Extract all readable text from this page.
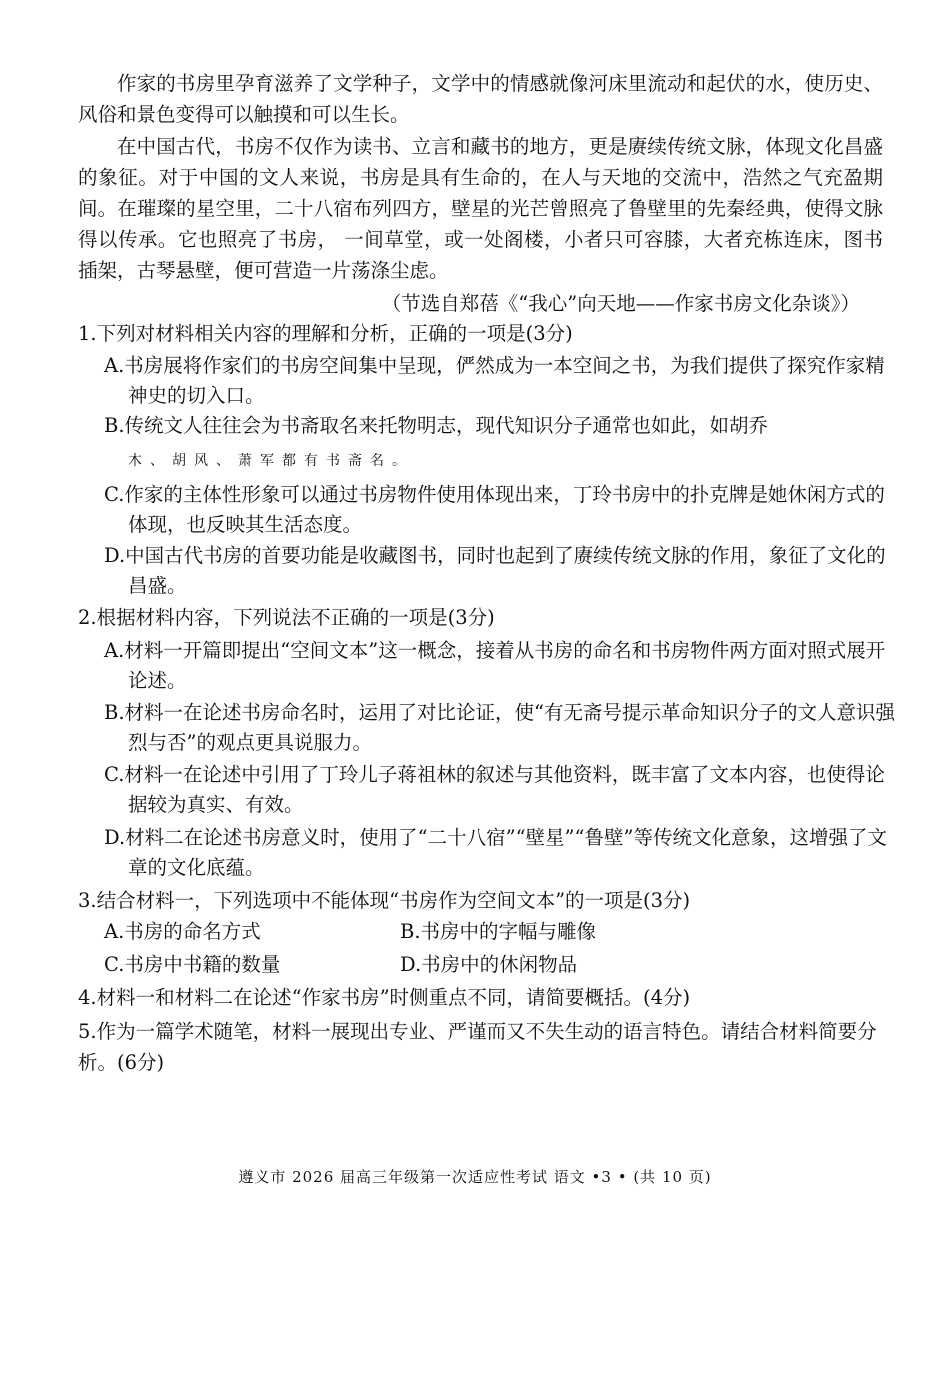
作家的书房里孕育滋养了文学种子，文学中的情感就像河床里流动和起伏的水，使历史、风俗和景色变得可以触摸和可以生长。
在中国古代，书房不仅作为读书、立言和藏书的地方，更是赓续传统文脉，体现文化昌盛的象征。对于中国的文人来说，书房是具有生命的，在人与天地的交流中，浩然之气充盈期间。在璀璨的星空里，二十八宿布列四方，壁星的光芒曾照亮了鲁壁里的先秦经典，使得文脉得以传承。它也照亮了书房， 一间草堂，或一处阁楼，小者只可容膝，大者充栋连床，图书插架，古琴悬壁，便可营造一片荡涤尘虑。
（节选自郑蓓《“我心”向天地——作家书房文化杂谈》）
1.下列对材料相关内容的理解和分析，正确的一项是(3分)
A.书房展将作家们的书房空间集中呈现，俨然成为一本空间之书，为我们提供了探究作家精神史的切入口。
B.传统文人往往会为书斋取名来托物明志，现代知识分子通常也如此，如胡乔
木、胡风、萧军都有书斋名。
C.作家的主体性形象可以通过书房物件使用体现出来，丁玲书房中的扑克牌是她休闲方式的体现，也反映其生活态度。
D.中国古代书房的首要功能是收藏图书，同时也起到了赓续传统文脉的作用，象征了文化的昌盛。
2.根据材料内容，下列说法不正确的一项是(3分)
A.材料一开篇即提出“空间文本”这一概念，接着从书房的命名和书房物件两方面对照式展开论述。
B.材料一在论述书房命名时，运用了对比论证，使“有无斋号提示革命知识分子的文人意识强烈与否”的观点更具说服力。
C.材料一在论述中引用了丁玲儿子蒋祖林的叙述与其他资料，既丰富了文本内容，也使得论据较为真实、有效。
D.材料二在论述书房意义时，使用了“二十八宿”“壁星”“鲁壁”等传统文化意象，这增强了文章的文化底蕴。
3.结合材料一，下列选项中不能体现“书房作为空间文本”的一项是(3分)
A.书房的命名方式	B.书房中的字幅与雕像
C.书房中书籍的数量	D.书房中的休闲物品
4.材料一和材料二在论述“作家书房”时侧重点不同，请简要概括。(4分)
5.作为一篇学术随笔，材料一展现出专业、严谨而又不失生动的语言特色。请结合材料简要分析。(6分)
遵义市 2026 届高三年级第一次适应性考试 语文 •3 • (共 10 页)
